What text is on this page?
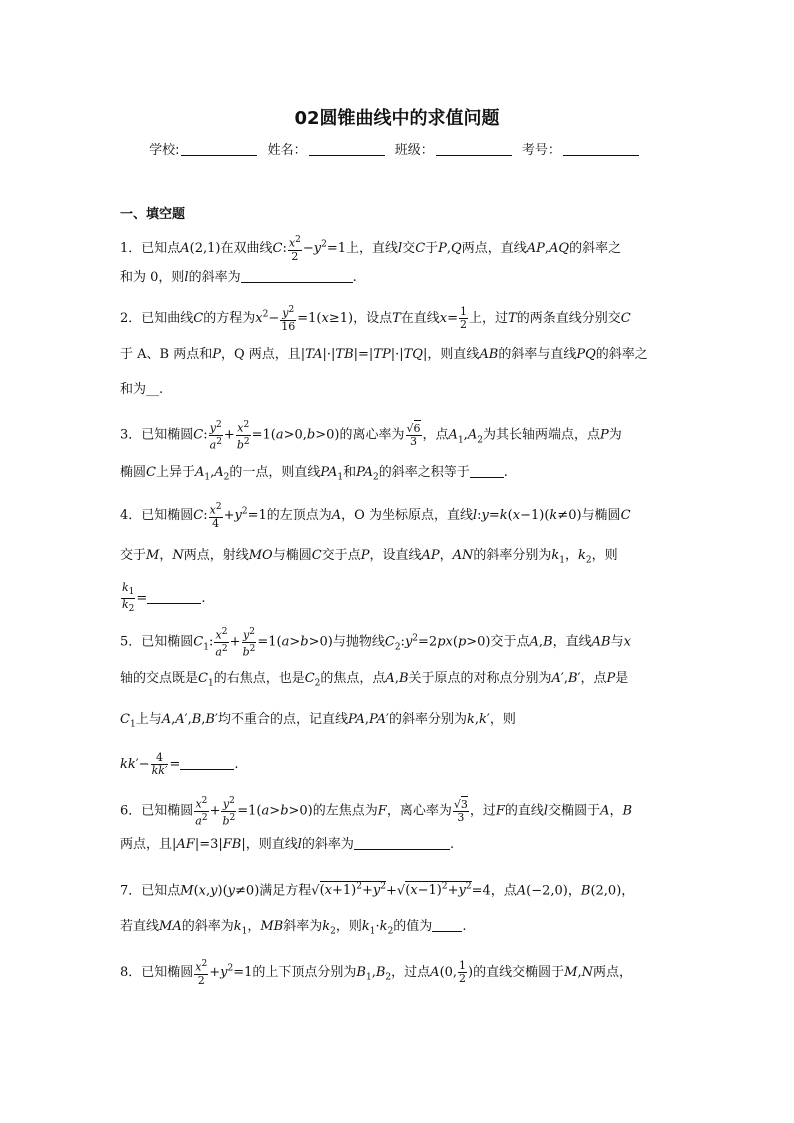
02圆锥曲线中的求值问题
学校:	姓名：	班级：	考号：
一、填空题
1．已知点A(2,1)在双曲线C: $\frac{x^2}{2} -y^2=1$上，直线l交C于P,Q两点，直线AP,AQ的斜率之
和为 0，则l的斜率为	.
2．已知曲线C的方程为$x^2- \frac{y^2}{16} =1(x\ge 1)$，设点T在直线$x= \frac{1}{2}$ 上，过T的两条直线分别交C
于 A、B 两点和P，Q 两点，且|TA|·|TB|=|TP|·|TQ|，则直线AB的斜率与直线PQ的斜率之
和为__.
3．已知椭圆C: $\frac{y^2}{a^2} + \frac{x^2}{b^2} =1(a>0,b>0)$的离心率为 $\frac{√6}{3}$ ，点$A_1,A_2$为其长轴两端点，点P为
椭圆C上异于$A_1,A_2$的一点，则直线$PA_1$和$PA_2$的斜率之积等于	.
4．已知椭圆C: $\frac{x^2}{4} +y^2=1$的左顶点为A，O 为坐标原点，直线l:y=k(x−1)(k≠0)与椭圆C
交于M，N两点，射线MO与椭圆C交于点P，设直线AP，AN的斜率分别为$k_1$，$k_2$，则
$\frac{k_1}{k_2}$ =	.
5．已知椭圆$C_1$: $\frac{x^2}{a^2} + \frac{y^2}{b^2} =1(a>b>0)$与抛物线$C_2:y^2=2px(p>0)$交于点A,B，直线AB与x
轴的交点既是$C_1$的右焦点，也是$C_2$的焦点，点A,B关于原点的对称点分别为A′,B′，点P是
$C_1$上与A,A′,B,B′均不重合的点，记直线PA,PA′的斜率分别为k,k′，则
$kk'- \frac{4}{kk'}$ =	.
6．已知椭圆 $\frac{x^2}{a^2} + \frac{y^2}{b^2} =1(a>b>0)$的左焦点为F，离心率为 $\frac{√3}{3}$ ，过F的直线l交椭圆于A，B
两点，且|AF|=3|FB|，则直线l的斜率为	.
7．已知点M(x,y)(y≠0)满足方程$√(x+1)^2+y^2+√(x-1)^2+y^2=4$，点A(−2,0)，B(2,0)，
若直线MA的斜率为$k_1$，MB斜率为$k_2$，则$k_1\cdot k_2$的值为 .
8．已知椭圆 $\frac{x^2}{2} +y^2=1$的上下顶点分别为$B_1,B_2$，过点A(0, $\frac{1}{2}$ )的直线交椭圆于M,N两点，
